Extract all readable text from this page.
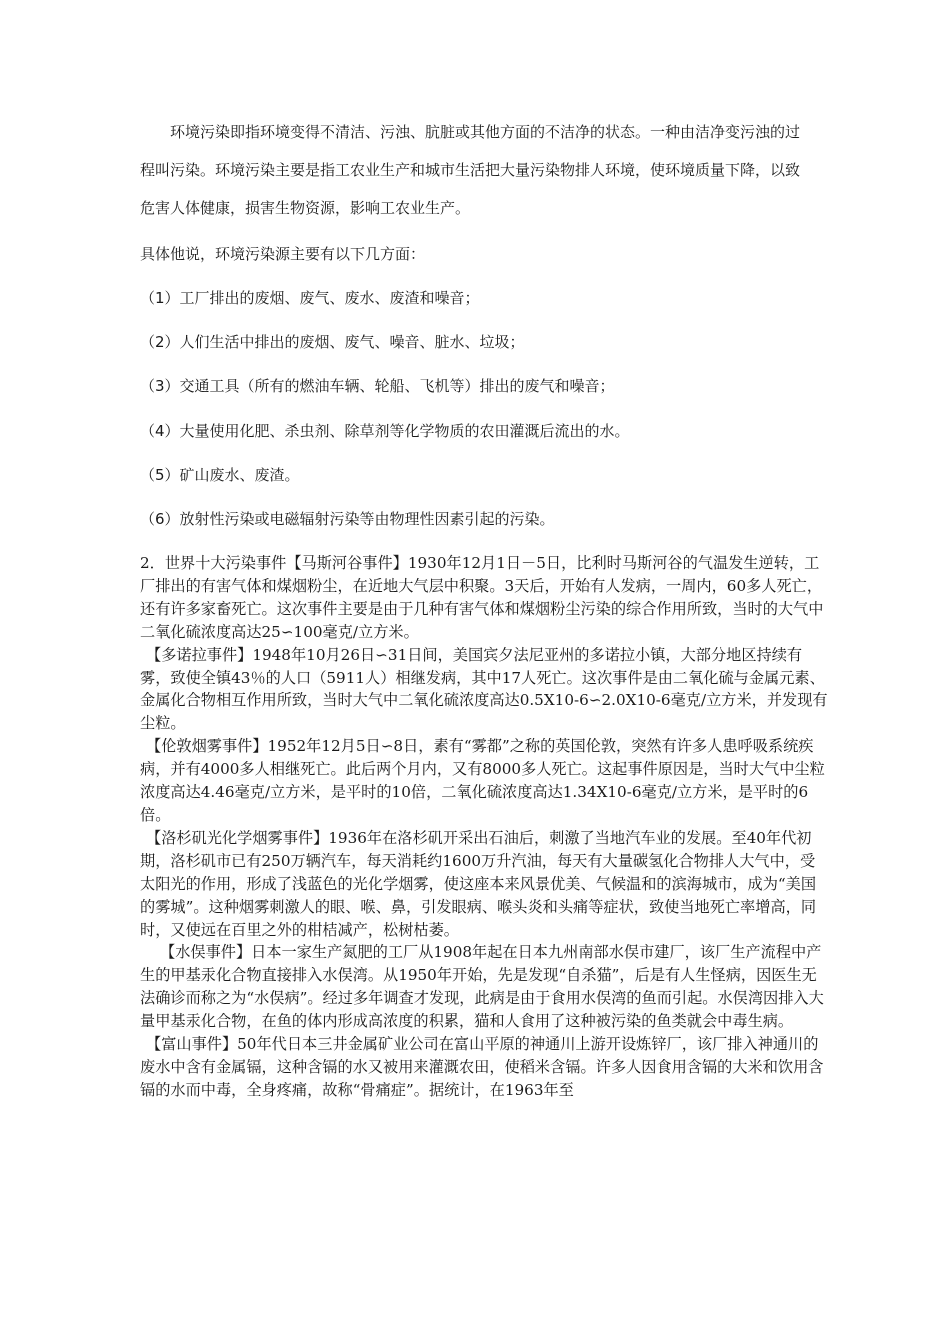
环境污染即指环境变得不清洁、污浊、肮脏或其他方面的不洁净的状态。一种由洁净变污浊的过程叫污染。环境污染主要是指工农业生产和城市生活把大量污染物排人环境，使环境质量下降，以致危害人体健康，损害生物资源，影响工农业生产。

具体他说，环境污染源主要有以下几方面：

（1）工厂排出的废烟、废气、废水、废渣和噪音；

（2）人们生活中排出的废烟、废气、噪音、脏水、垃圾；

（3）交通工具（所有的燃油车辆、轮船、飞机等）排出的废气和噪音；

（4）大量使用化肥、杀虫剂、除草剂等化学物质的农田灌溉后流出的水。

（5）矿山废水、废渣。

（6）放射性污染或电磁辐射污染等由物理性因素引起的污染。

2．世界十大污染事件【马斯河谷事件】1930年12月1日－5日，比利时马斯河谷的气温发生逆转，工厂排出的有害气体和煤烟粉尘，在近地大气层中积聚。3天后，开始有人发病，一周内，60多人死亡，还有许多家畜死亡。这次事件主要是由于几种有害气体和煤烟粉尘污染的综合作用所致，当时的大气中二氧化硫浓度高达25∽100毫克/立方米。

【多诺拉事件】1948年10月26日∽31日间，美国宾夕法尼亚州的多诺拉小镇，大部分地区持续有雾，致使全镇43％的人口（5911人）相继发病，其中17人死亡。这次事件是由二氧化硫与金属元素、金属化合物相互作用所致，当时大气中二氧化硫浓度高达0.5X10-6∽2.0X10-6毫克/立方米，并发现有尘粒。

【伦敦烟雾事件】1952年12月5日∽8日，素有“雾都”之称的英国伦敦，突然有许多人患呼吸系统疾病，并有4000多人相继死亡。此后两个月内，又有8000多人死亡。这起事件原因是，当时大气中尘粒浓度高达4.46毫克/立方米，是平时的10倍，二氧化硫浓度高达1.34X10-6毫克/立方米，是平时的6倍。

【洛杉矶光化学烟雾事件】1936年在洛杉矶开采出石油后，刺激了当地汽车业的发展。至40年代初期，洛杉矶市已有250万辆汽车，每天消耗约1600万升汽油，每天有大量碳氢化合物排人大气中，受太阳光的作用，形成了浅蓝色的光化学烟雾，使这座本来风景优美、气候温和的滨海城市，成为“美国的雾城”。这种烟雾刺激人的眼、喉、鼻，引发眼病、喉头炎和头痛等症状，致使当地死亡率增高，同时，又使远在百里之外的柑桔减产，松树枯萎。

【水俣事件】日本一家生产氮肥的工厂从1908年起在日本九州南部水俣市建厂，该厂生产流程中产生的甲基汞化合物直接排入水俣湾。从1950年开始，先是发现“自杀猫”，后是有人生怪病，因医生无法确诊而称之为“水俣病”。经过多年调查才发现，此病是由于食用水俣湾的鱼而引起。水俣湾因排入大量甲基汞化合物，在鱼的体内形成高浓度的积累，猫和人食用了这种被污染的鱼类就会中毒生病。

【富山事件】50年代日本三井金属矿业公司在富山平原的神通川上游开设炼锌厂，该厂排入神通川的废水中含有金属镉，这种含镉的水又被用来灌溉农田，使稻米含镉。许多人因食用含镉的大米和饮用含镉的水而中毒，全身疼痛，故称“骨痛症”。据统计，在1963年至
